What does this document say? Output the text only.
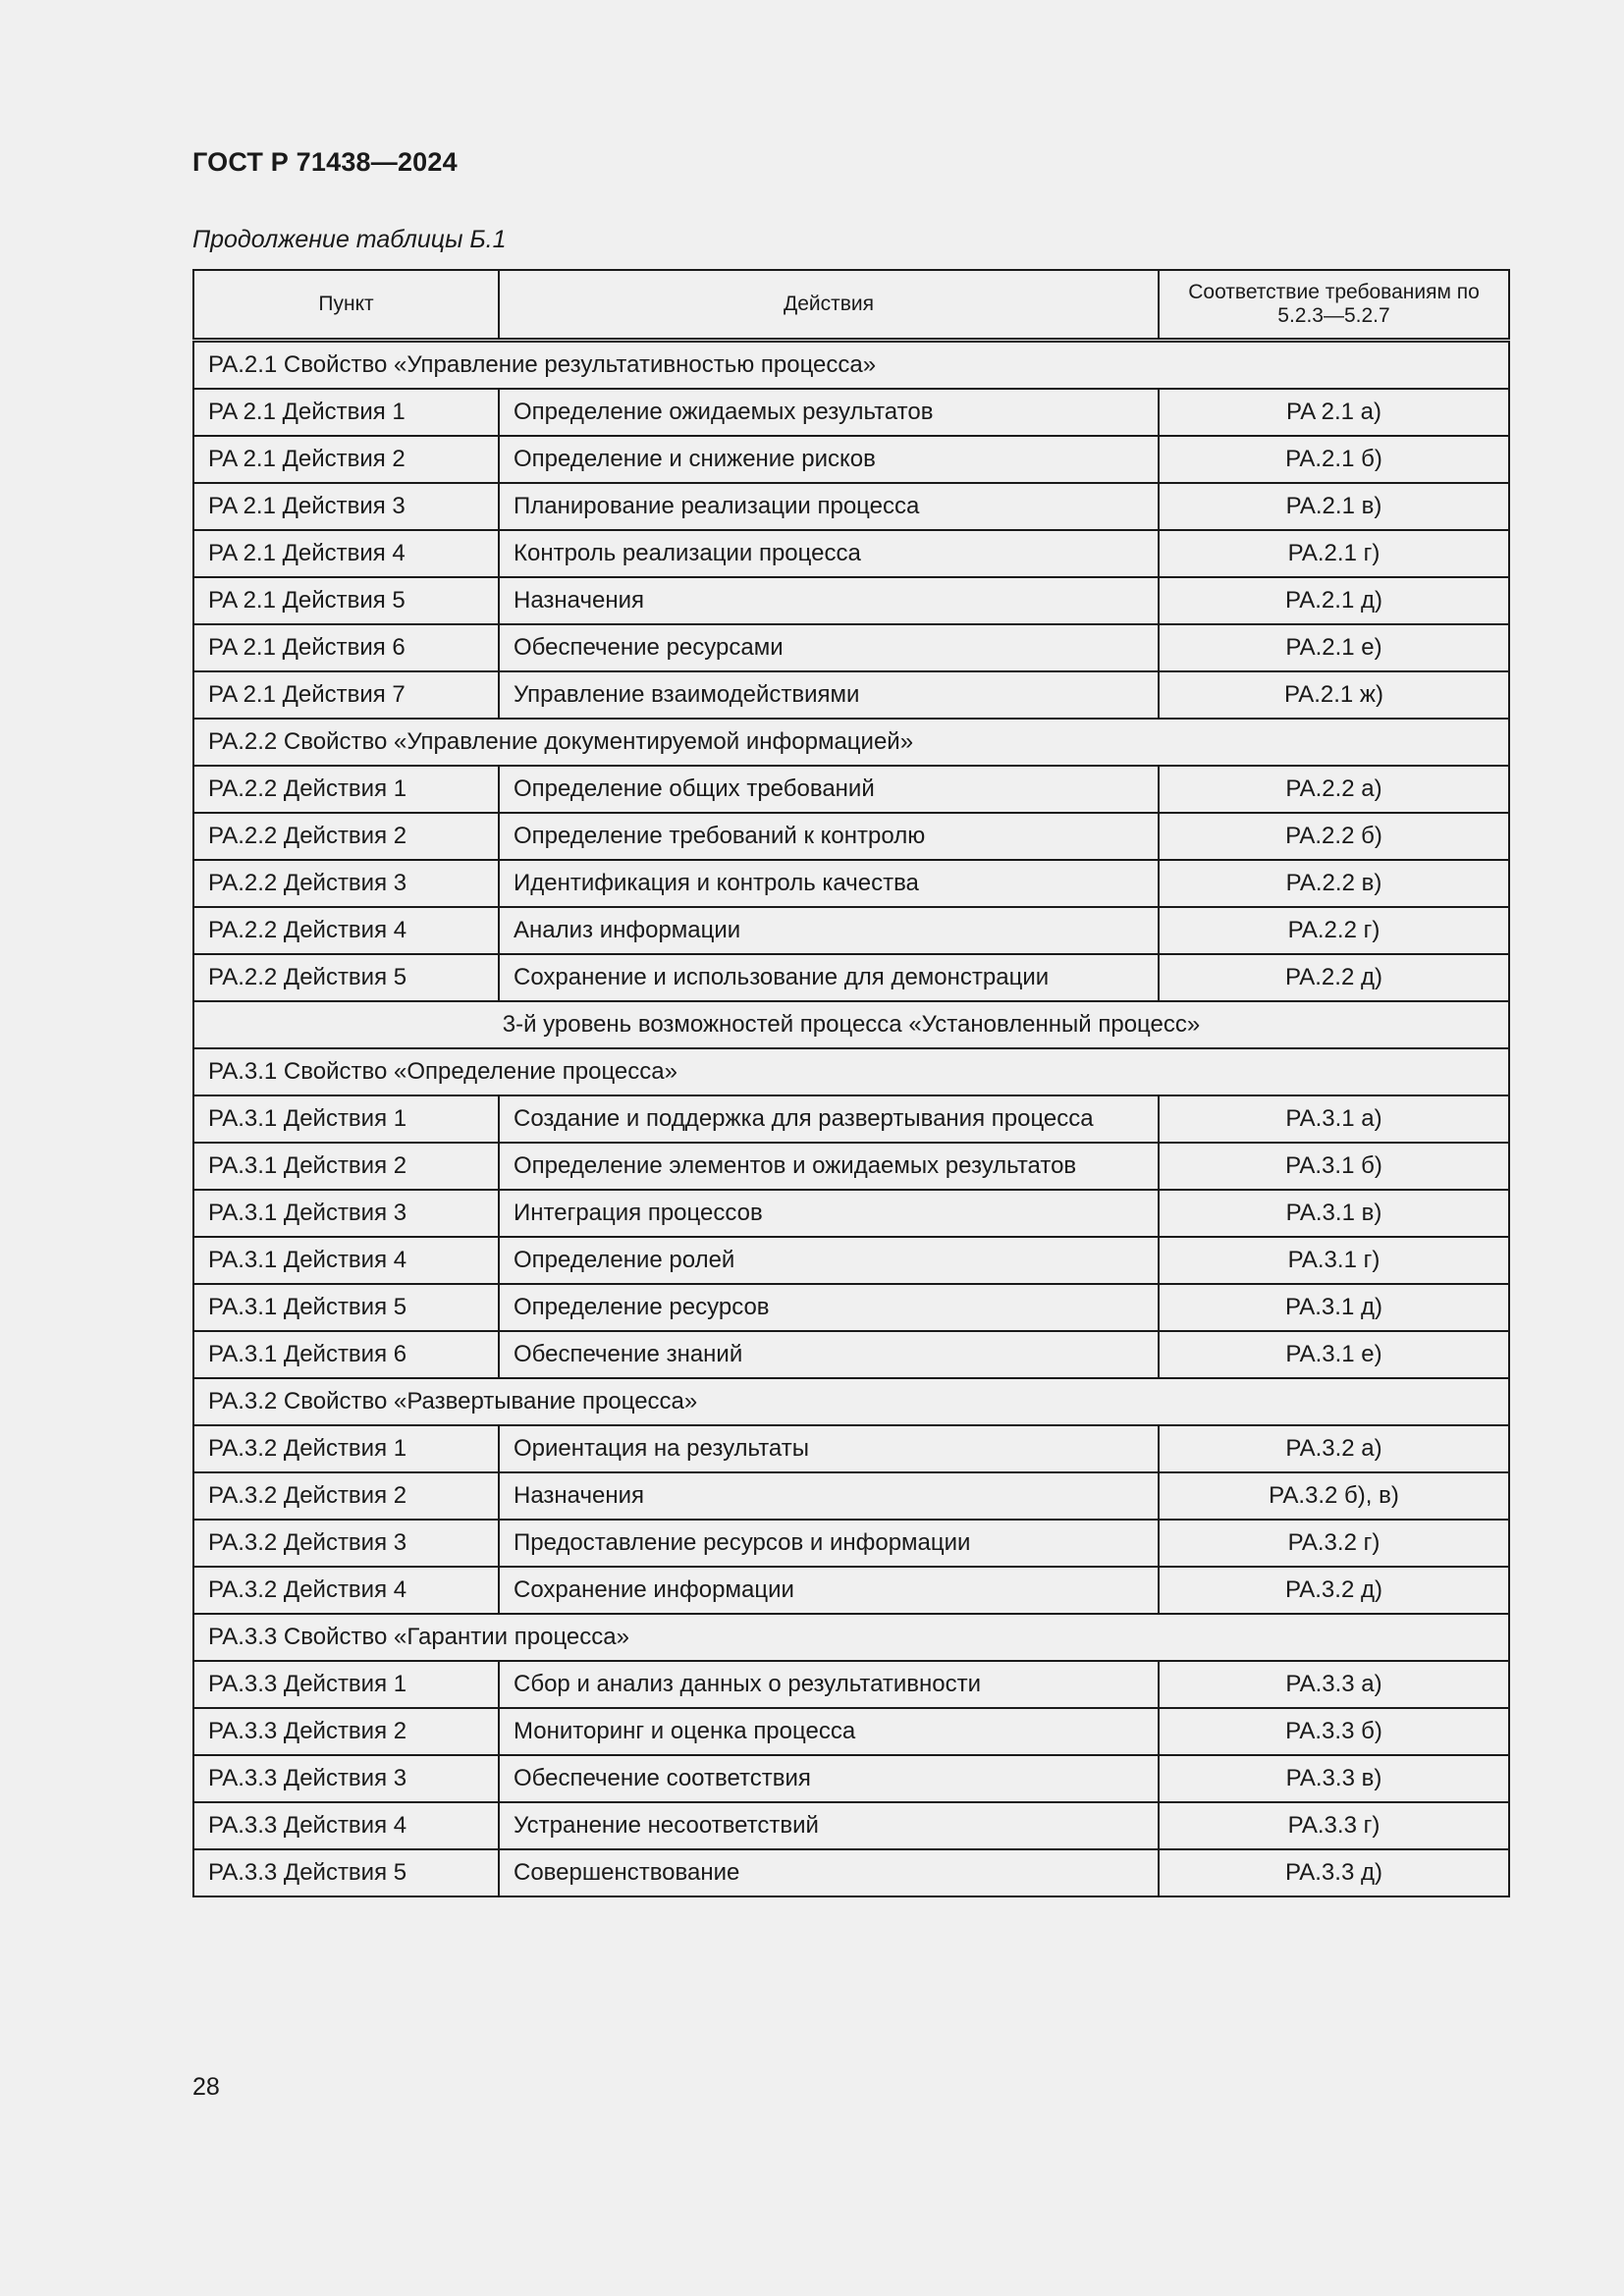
ГОСТ Р 71438—2024
Продолжение таблицы Б.1
Пункт	Действия	Соответствие требованиям по 5.2.3—5.2.7
PA.2.1 Свойство «Управление результативностью процесса»		
PA 2.1 Действия 1	Определение ожидаемых результатов	PA 2.1 а)
PA 2.1 Действия 2	Определение и снижение рисков	PA.2.1 б)
PA 2.1 Действия 3	Планирование реализации процесса	PA.2.1 в)
PA 2.1 Действия 4	Контроль реализации процесса	PA.2.1 г)
PA 2.1 Действия 5	Назначения	PA.2.1 д)
PA 2.1 Действия 6	Обеспечение ресурсами	PA.2.1 е)
PA 2.1 Действия 7	Управление взаимодействиями	PA.2.1 ж)
PA.2.2 Свойство «Управление документируемой информацией»		
PA.2.2 Действия 1	Определение общих требований	PA.2.2 а)
PA.2.2 Действия 2	Определение требований к контролю	PA.2.2 б)
PA.2.2 Действия 3	Идентификация и контроль качества	PA.2.2 в)
PA.2.2 Действия 4	Анализ информации	PA.2.2 г)
PA.2.2 Действия 5	Сохранение и использование для демонстрации	PA.2.2 д)
3-й уровень возможностей процесса «Установленный процесс»		
PA.3.1 Свойство «Определение процесса»		
PA.3.1 Действия 1	Создание и поддержка для развертывания процесса	PA.3.1 а)
PA.3.1 Действия 2	Определение элементов и ожидаемых результатов	PA.3.1 б)
PA.3.1 Действия 3	Интеграция процессов	PA.3.1 в)
PA.3.1 Действия 4	Определение ролей	PA.3.1 г)
PA.3.1 Действия 5	Определение ресурсов	PA.3.1 д)
PA.3.1 Действия 6	Обеспечение знаний	PA.3.1 е)
PA.3.2 Свойство «Развертывание процесса»		
PA.3.2 Действия 1	Ориентация на результаты	PA.3.2 а)
PA.3.2 Действия 2	Назначения	PA.3.2 б), в)
PA.3.2 Действия 3	Предоставление ресурсов и информации	PA.3.2 г)
PA.3.2 Действия 4	Сохранение информации	PA.3.2 д)
PA.3.3 Свойство «Гарантии процесса»		
PA.3.3 Действия 1	Сбор и анализ данных о результативности	PA.3.3 а)
PA.3.3 Действия 2	Мониторинг и оценка процесса	PA.3.3 б)
PA.3.3 Действия 3	Обеспечение соответствия	PA.3.3 в)
PA.3.3 Действия 4	Устранение несоответствий	PA.3.3 г)
PA.3.3 Действия 5	Совершенствование	PA.3.3 д)
28
